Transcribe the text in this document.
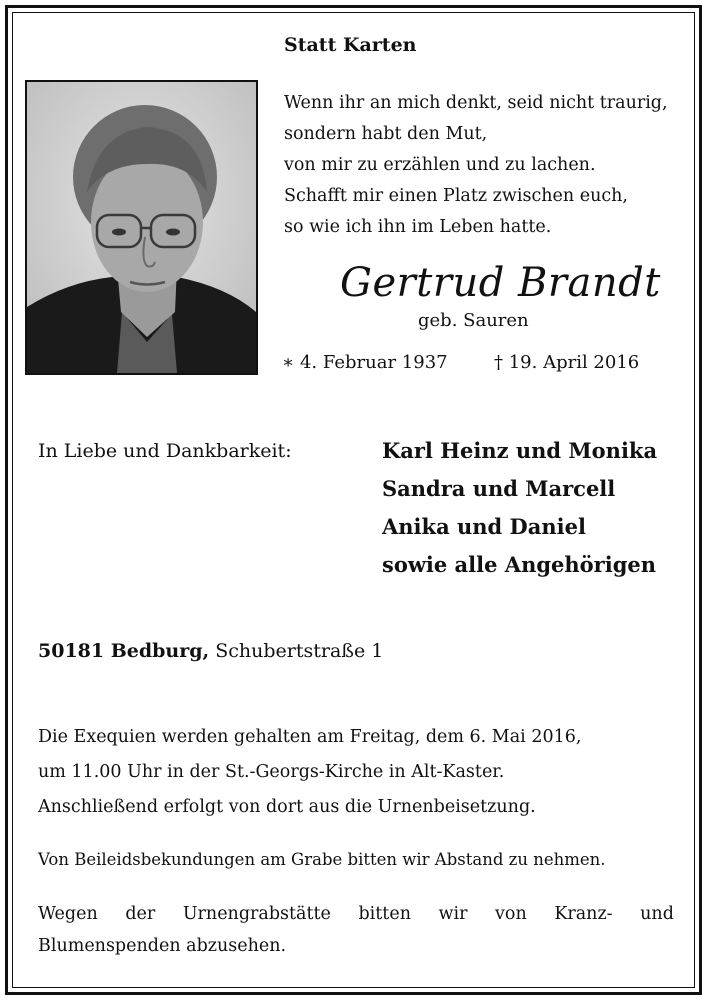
Statt Karten
Wenn ihr an mich denkt, seid nicht traurig,
sondern habt den Mut,
von mir zu erzählen und zu lachen.
Schafft mir einen Platz zwischen euch,
so wie ich ihn im Leben hatte.
Gertrud Brandt
geb. Sauren
∗ 4. Februar 1937	† 19. April 2016
In Liebe und Dankbarkeit:	Karl Heinz und Monika
Sandra und Marcell
Anika und Daniel
sowie alle Angehörigen
50181 Bedburg, Schubertstraße 1
Die Exequien werden gehalten am Freitag, dem 6. Mai 2016,
um 11.00 Uhr in der St.-Georgs-Kirche in Alt-Kaster.
Anschließend erfolgt von dort aus die Urnenbeisetzung.
Von Beileidsbekundungen am Grabe bitten wir Abstand zu nehmen.
Wegen der Urnengrabstätte bitten wir von Kranz- und
Blumenspenden abzusehen.
